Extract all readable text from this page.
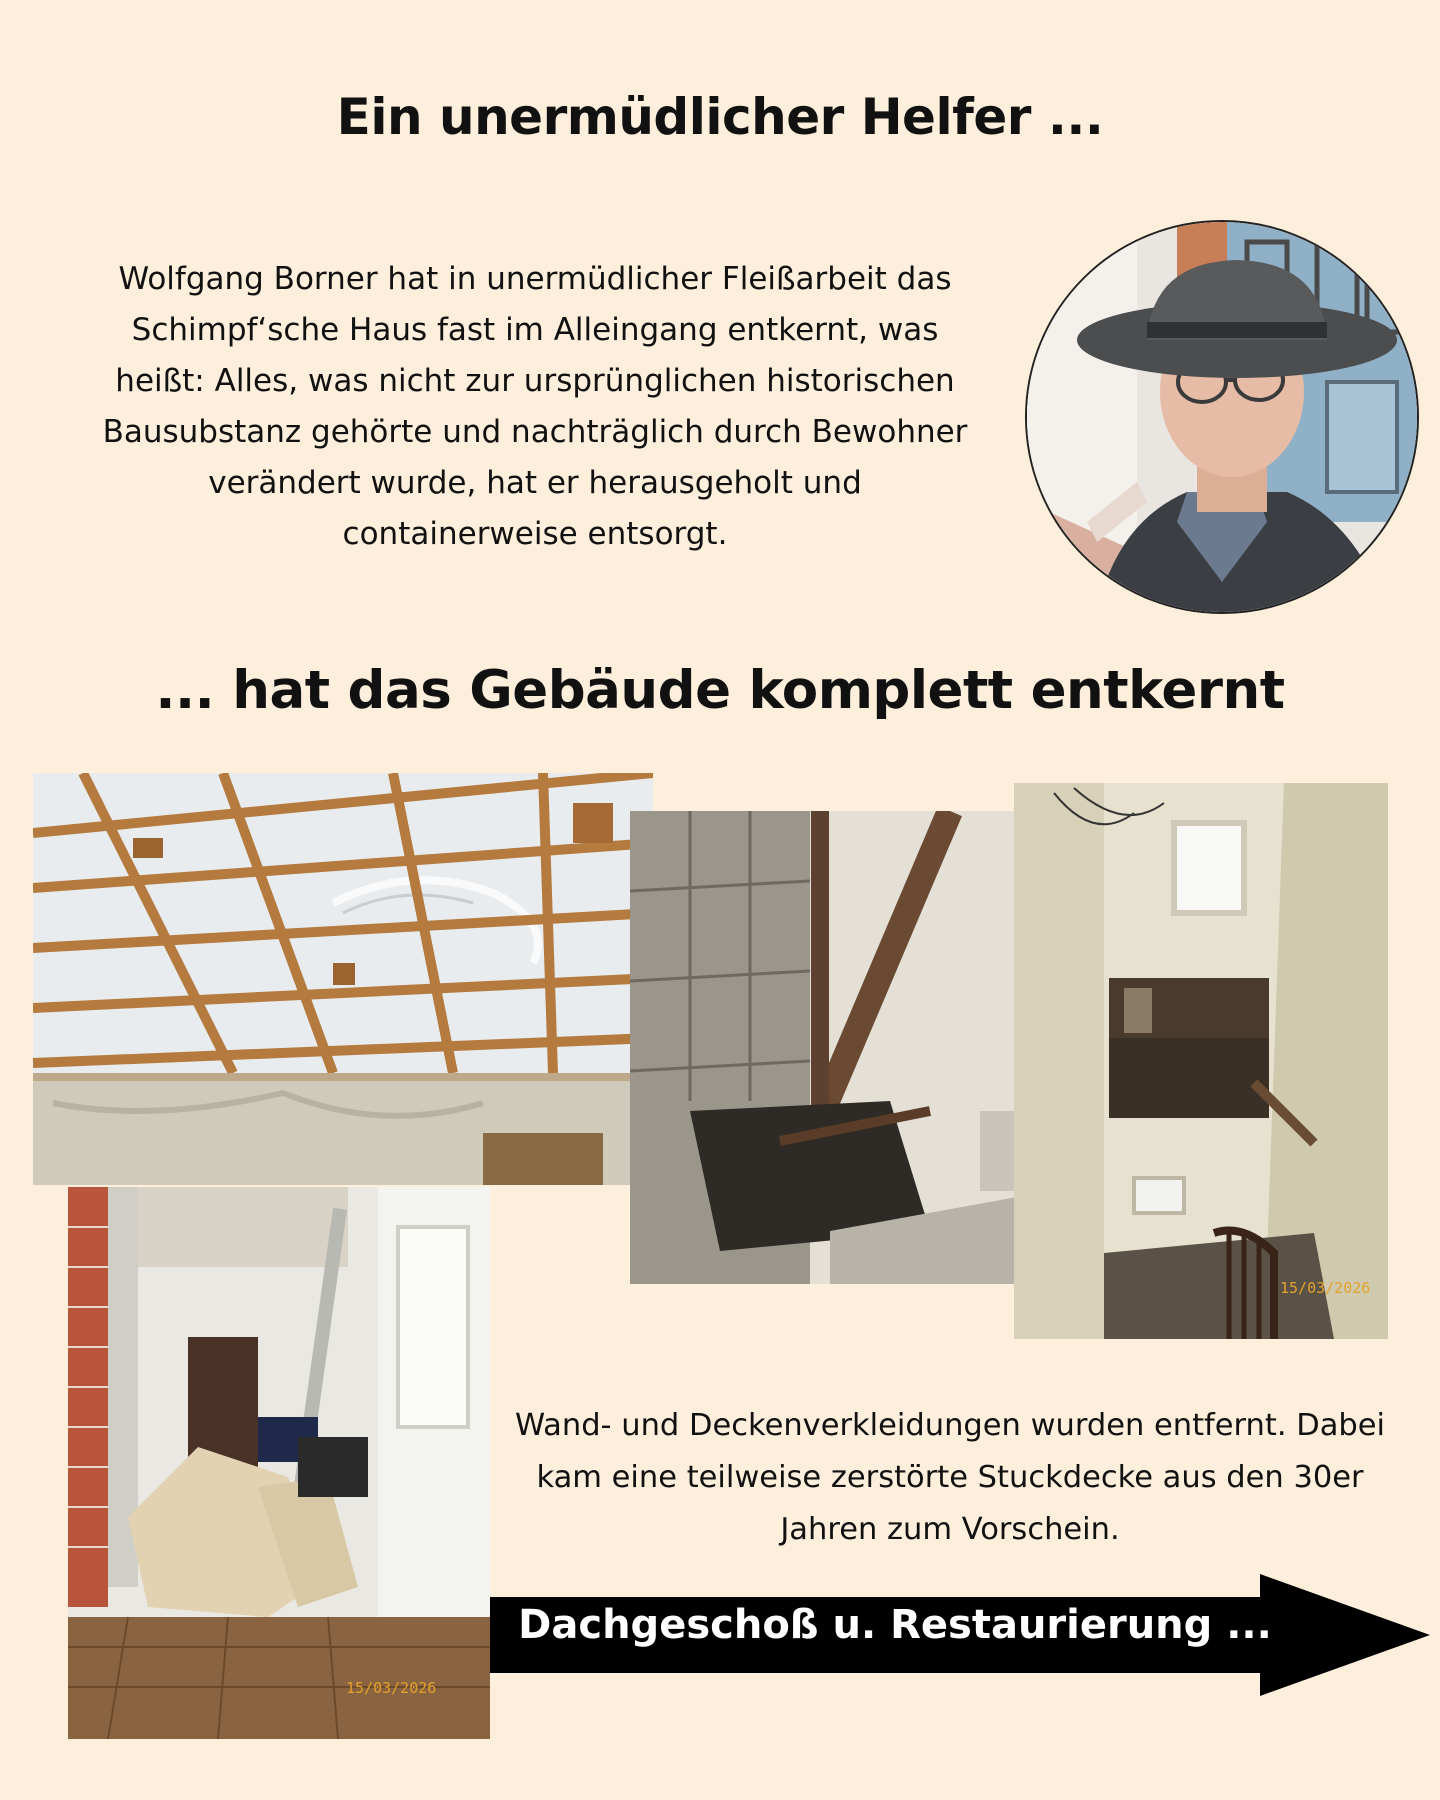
Ein unermüdlicher Helfer ...

Wolfgang Borner hat in unermüdlicher Fleißarbeit das Schimpf‘sche Haus fast im Alleingang entkernt, was heißt: Alles, was nicht zur ursprünglichen historischen Bausubstanz gehörte und nachträglich durch Bewohner verändert wurde, hat er herausgeholt und containerweise entsorgt.

... hat das Gebäude komplett entkernt
15/03/2026
15/03/2026

Wand- und Deckenverkleidungen wurden entfernt. Dabei kam eine teilweise zerstörte Stuckdecke aus den 30er Jahren zum Vorschein.

Dachgeschoß u. Restaurierung ...
